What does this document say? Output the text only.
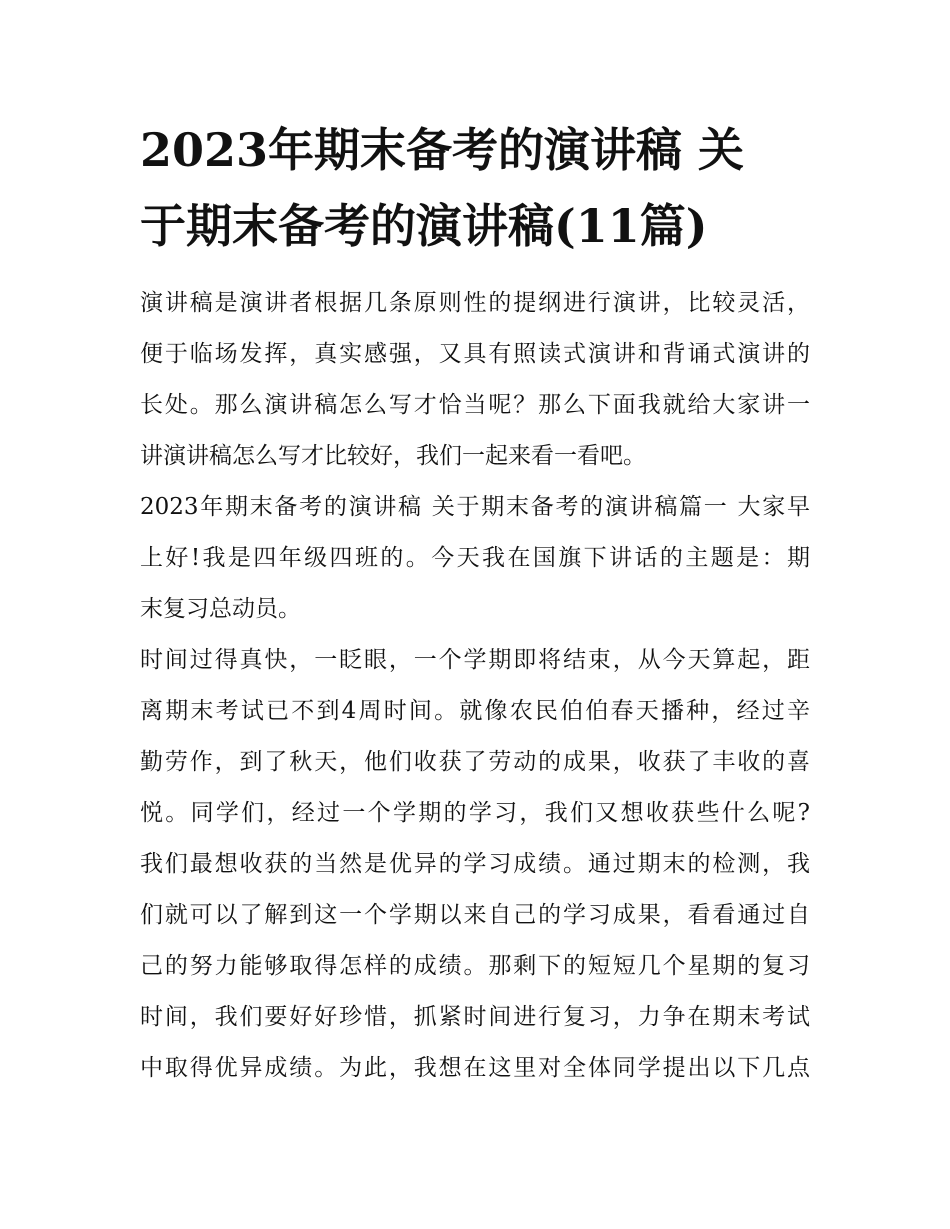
2023年期末备考的演讲稿 关
于期末备考的演讲稿(11篇)

演讲稿是演讲者根据几条原则性的提纲进行演讲，比较灵活，
便于临场发挥，真实感强，又具有照读式演讲和背诵式演讲的
长处。那么演讲稿怎么写才恰当呢？那么下面我就给大家讲一
讲演讲稿怎么写才比较好，我们一起来看一看吧。

2023年期末备考的演讲稿 关于期末备考的演讲稿篇一 大家早
上好!我是四年级四班的。今天我在国旗下讲话的主题是：期
末复习总动员。

时间过得真快，一眨眼，一个学期即将结束，从今天算起，距
离期末考试已不到4周时间。就像农民伯伯春天播种，经过辛
勤劳作，到了秋天，他们收获了劳动的成果，收获了丰收的喜
悦。同学们，经过一个学期的学习，我们又想收获些什么呢?
我们最想收获的当然是优异的学习成绩。通过期末的检测，我
们就可以了解到这一个学期以来自己的学习成果，看看通过自
己的努力能够取得怎样的成绩。那剩下的短短几个星期的复习
时间，我们要好好珍惜，抓紧时间进行复习，力争在期末考试
中取得优异成绩。为此，我想在这里对全体同学提出以下几点
